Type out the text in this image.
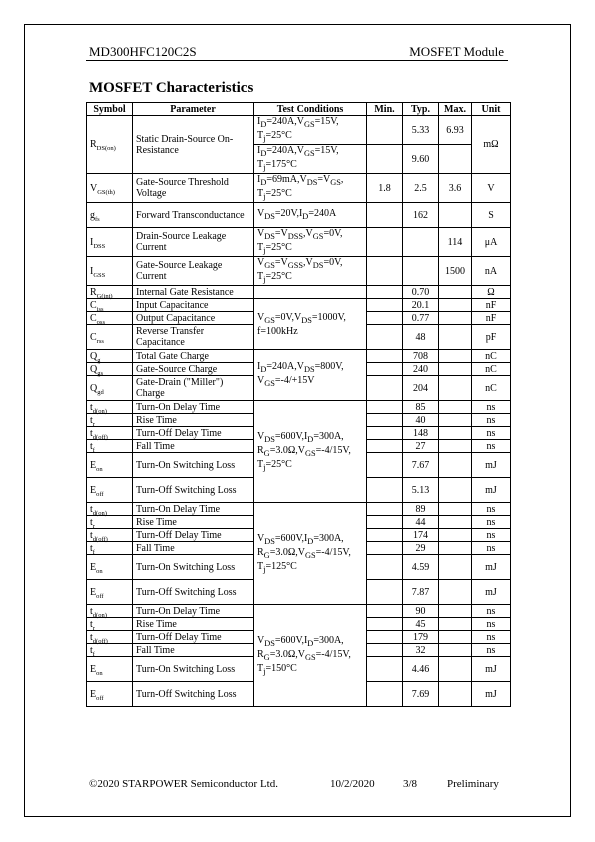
MD300HFC120C2S	MOSFET Module
MOSFET Characteristics
Symbol	Parameter	Test Conditions	Min.	Typ.	Max.	Unit
$R_{DS(on)}$	Static Drain-Source On-Resistance	$I_D=240A,V_{GS}=15V$, $T_j=25^\circ C$		5.33	6.93	mΩ
		$I_D=240A,V_{GS}=15V$, $T_j=175^\circ C$		9.60		
$V_{GS(th)}$	Gate-Source Threshold Voltage	$I_D=69mA,V_{DS}=V_{GS}$, $T_j=25^\circ C$	1.8	2.5	3.6	V
$g_{fs}$	Forward Transconductance	$V_{DS}=20V,I_D=240A$		162		S
$I_{DSS}$	Drain-Source Leakage Current	$V_{DS}=V_{DSS},V_{GS}=0V$, $T_j=25^\circ C$			114	μA
$I_{GSS}$	Gate-Source Leakage Current	$V_{GS}=V_{GSS},V_{DS}=0V$, $T_j=25^\circ C$			1500	nA
$R_{G(int)}$	Internal Gate Resistance			0.70		Ω
$C_{iss}$	Input Capacitance	$V_{GS}=0V,V_{DS}=1000V$, f=100kHz		20.1		nF
$C_{oss}$	Output Capacitance			0.77		nF
$C_{rss}$	Reverse Transfer Capacitance			48		pF
$Q_g$	Total Gate Charge	$I_D=240A,V_{DS}=800V$, $V_{GS}=-4/+15V$		708		nC
$Q_{gs}$	Gate-Source Charge			240		nC
$Q_{gd}$	Gate-Drain ("Miller") Charge			204		nC
$t_{d(on)}$	Turn-On Delay Time	$V_{DS}=600V,I_D=300A$, $R_G=3.0\Omega,V_{GS}=-4/15V$, $T_j=25^\circ C$		85		ns
$t_r$	Rise Time			40		ns
$t_{d(off)}$	Turn-Off Delay Time			148		ns
$t_f$	Fall Time			27		ns
$E_{on}$	Turn-On Switching Loss			7.67		mJ
$E_{off}$	Turn-Off Switching Loss			5.13		mJ
$t_{d(on)}$	Turn-On Delay Time	$V_{DS}=600V,I_D=300A$, $R_G=3.0\Omega,V_{GS}=-4/15V$, $T_j=125^\circ C$		89		ns
$t_r$	Rise Time			44		ns
$t_{d(off)}$	Turn-Off Delay Time			174		ns
$t_f$	Fall Time			29		ns
$E_{on}$	Turn-On Switching Loss			4.59		mJ
$E_{off}$	Turn-Off Switching Loss			7.87		mJ
$t_{d(on)}$	Turn-On Delay Time	$V_{DS}=600V,I_D=300A$, $R_G=3.0\Omega,V_{GS}=-4/15V$, $T_j=150^\circ C$		90		ns
$t_r$	Rise Time			45		ns
$t_{d(off)}$	Turn-Off Delay Time			179		ns
$t_f$	Fall Time			32		ns
$E_{on}$	Turn-On Switching Loss			4.46		mJ
$E_{off}$	Turn-Off Switching Loss			7.69		mJ
©2020 STARPOWER Semiconductor Ltd.	10/2/2020	3/8	Preliminary
